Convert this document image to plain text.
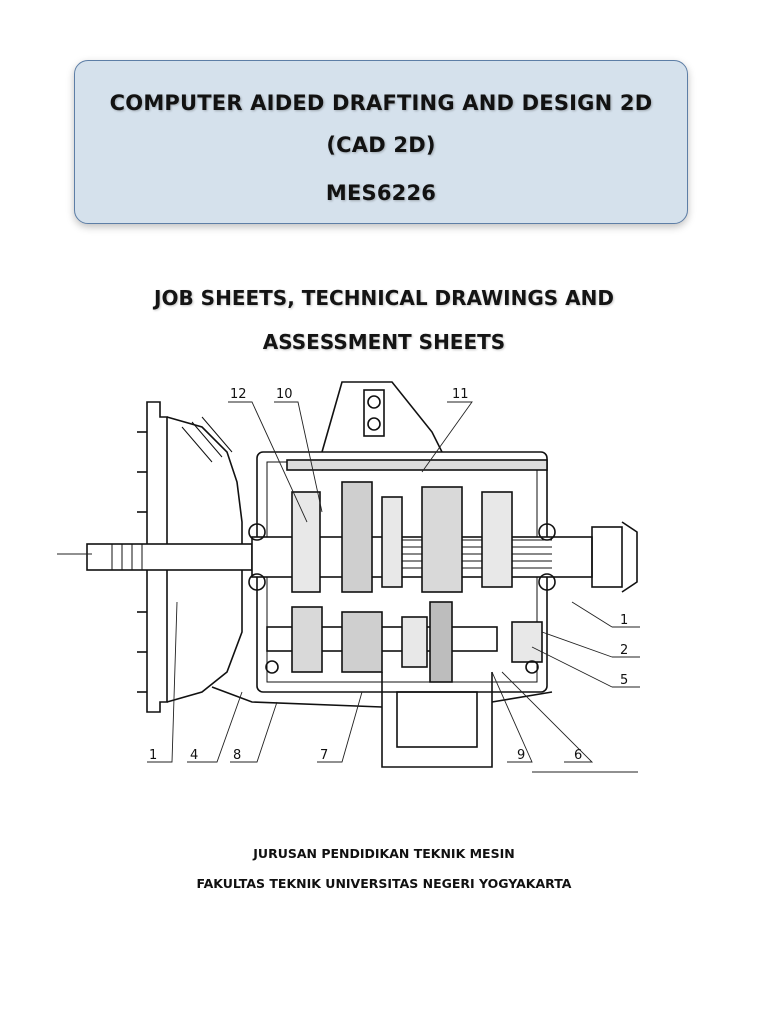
COMPUTER AIDED DRAFTING AND DESIGN 2D
(CAD 2D)
MES6226
JOB SHEETS, TECHNICAL DRAWINGS AND
ASSESSMENT SHEETS
12 10	11
1
2
5
1	4	8	7	9	6
JURUSAN PENDIDIKAN TEKNIK MESIN
FAKULTAS TEKNIK UNIVERSITAS NEGERI YOGYAKARTA
